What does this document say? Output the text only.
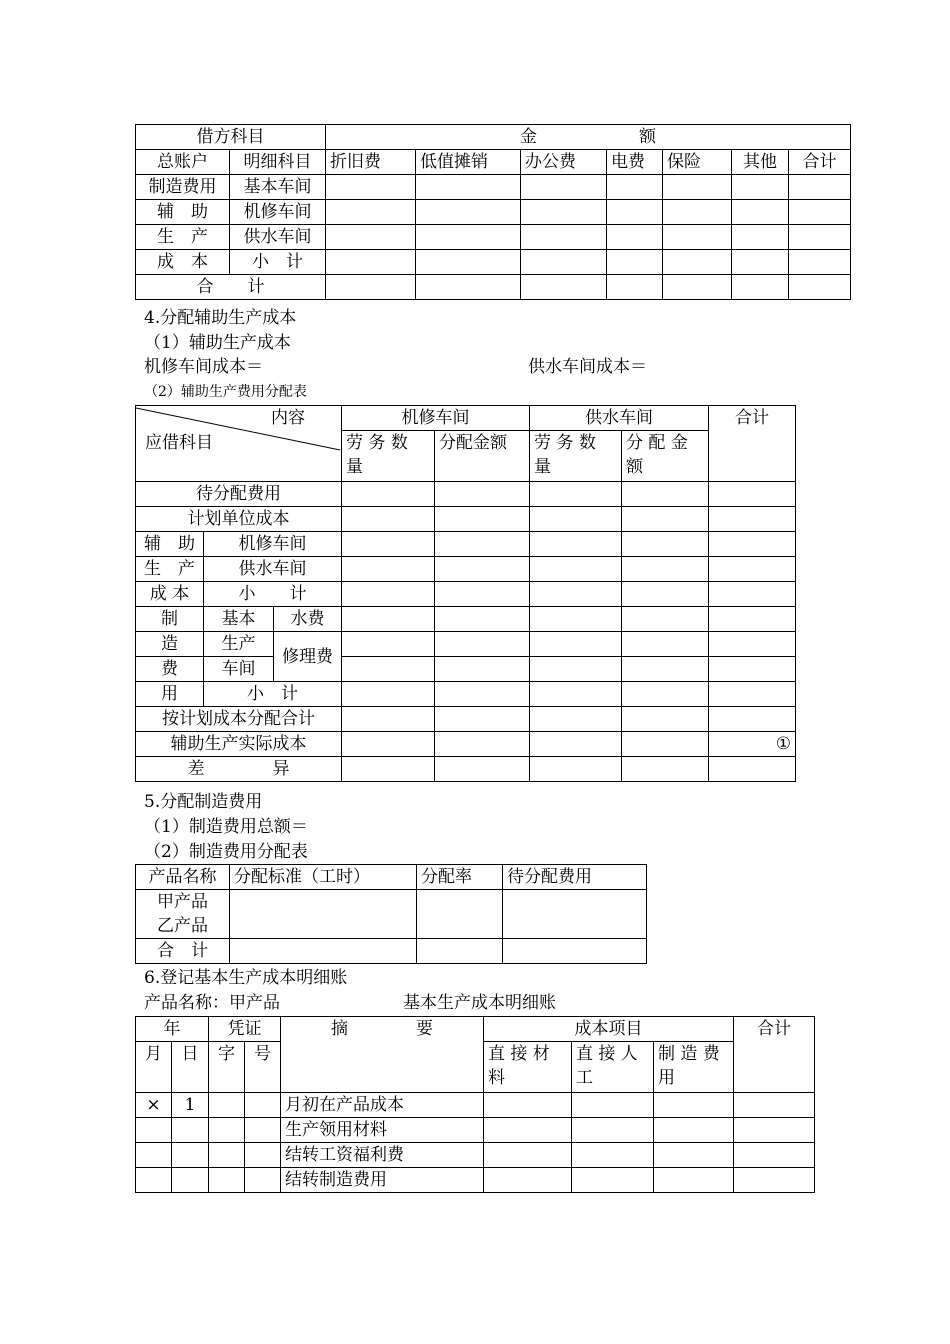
借方科目		金　　　　　　额						
总账户	明细科目	折旧费	低值摊销	办公费	电费	保险	其他	合计
制造费用	基本车间							
辅　助	机修车间							
生　产	供水车间							
成　本	小　计							
合　　计								
4.分配辅助生产成本
（1）辅助生产成本
机修车间成本＝	供水车间成本＝
（2）辅助生产费用分配表
内容
应借科目			机修车间		供水车间		合计
			劳 务 数 量	分配金额	劳 务 数 量	分 配 金 额	
待分配费用							
计划单位成本							
辅　助	机修车间						
生　产	供水车间						
成 本	小　　计						
制	基本	水费					
造	生产	修理费					
费	车间						
用	小　计						
按计划成本分配合计							
辅助生产实际成本							①
差　　　　异							
5.分配制造费用
（1）制造费用总额＝
（2）制造费用分配表
产品名称	分配标准（工时）	分配率	待分配费用

甲产品
乙产品			

合　计			
6.登记基本生产成本明细账
产品名称：甲产品	基本生产成本明细账
年		凭证		摘　　　　要	成本项目			合计
月	日	字	号		直 接 材 料	直 接 人 工	制 造 费 用	
×	1			月初在产品成本				
				生产领用材料				
				结转工资福利费				
				结转制造费用				
